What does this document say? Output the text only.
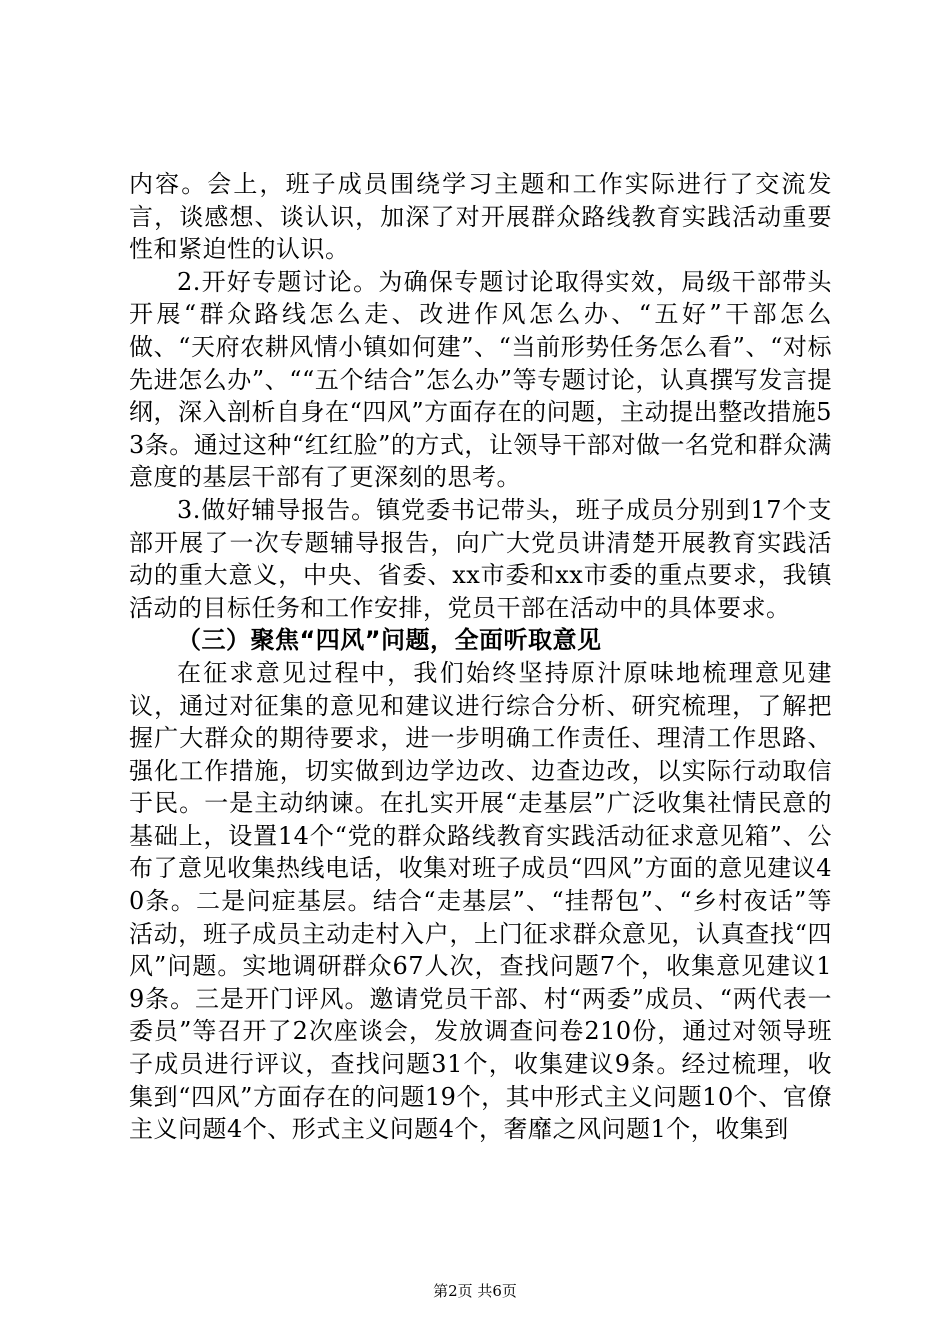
内容。会上，班子成员围绕学习主题和工作实际进行了交流发言，谈感想、谈认识，加深了对开展群众路线教育实践活动重要性和紧迫性的认识。

2.开好专题讨论。为确保专题讨论取得实效，局级干部带头开展“群众路线怎么走、改进作风怎么办、“五好”干部怎么做、“天府农耕风情小镇如何建”、“当前形势任务怎么看”、“对标先进怎么办”、““五个结合”怎么办”等专题讨论，认真撰写发言提纲，深入剖析自身在“四风”方面存在的问题，主动提出整改措施53条。通过这种“红红脸”的方式，让领导干部对做一名党和群众满意度的基层干部有了更深刻的思考。

3.做好辅导报告。镇党委书记带头，班子成员分别到17个支部开展了一次专题辅导报告，向广大党员讲清楚开展教育实践活动的重大意义，中央、省委、xx市委和xx市委的重点要求，我镇活动的目标任务和工作安排，党员干部在活动中的具体要求。

（三）聚焦“四风”问题，全面听取意见

在征求意见过程中，我们始终坚持原汁原味地梳理意见建议，通过对征集的意见和建议进行综合分析、研究梳理，了解把握广大群众的期待要求，进一步明确工作责任、理清工作思路、强化工作措施，切实做到边学边改、边查边改，以实际行动取信于民。一是主动纳谏。在扎实开展“走基层”广泛收集社情民意的基础上，设置14个“党的群众路线教育实践活动征求意见箱”、公布了意见收集热线电话，收集对班子成员“四风”方面的意见建议40条。二是问症基层。结合“走基层”、“挂帮包”、“乡村夜话”等活动，班子成员主动走村入户，上门征求群众意见，认真查找“四风”问题。实地调研群众67人次，查找问题7个，收集意见建议19条。三是开门评风。邀请党员干部、村“两委”成员、“两代表一委员”等召开了2次座谈会，发放调查问卷210份，通过对领导班子成员进行评议，查找问题31个，收集建议9条。经过梳理，收集到“四风”方面存在的问题19个，其中形式主义问题10个、官僚主义问题4个、形式主义问题4个，奢靡之风问题1个，收集到

第2页 共6页
